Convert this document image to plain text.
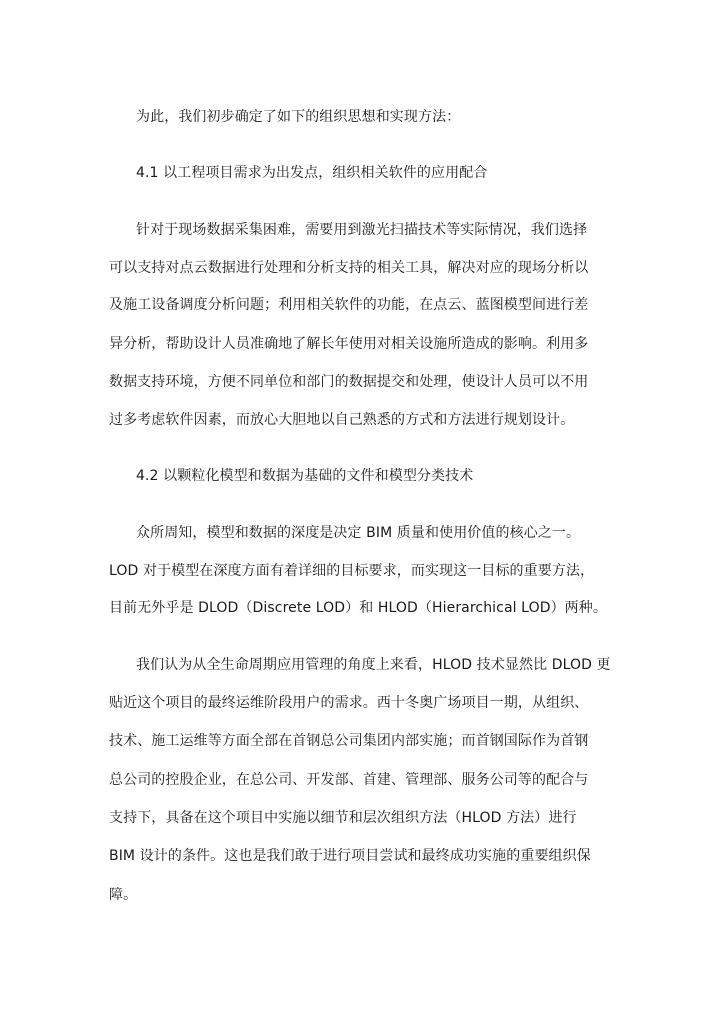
为此，我们初步确定了如下的组织思想和实现方法：
4.1 以工程项目需求为出发点，组织相关软件的应用配合
针对于现场数据采集困难，需要用到激光扫描技术等实际情况，我们选择
可以支持对点云数据进行处理和分析支持的相关工具，解决对应的现场分析以
及施工设备调度分析问题；利用相关软件的功能，在点云、蓝图模型间进行差
异分析，帮助设计人员准确地了解长年使用对相关设施所造成的影响。利用多
数据支持环境，方便不同单位和部门的数据提交和处理，使设计人员可以不用
过多考虑软件因素，而放心大胆地以自己熟悉的方式和方法进行规划设计。
4.2 以颗粒化模型和数据为基础的文件和模型分类技术
众所周知，模型和数据的深度是决定 BIM 质量和使用价值的核心之一。
LOD 对于模型在深度方面有着详细的目标要求，而实现这一目标的重要方法，
目前无外乎是 DLOD（Discrete LOD）和 HLOD（Hierarchical LOD）两种。
我们认为从全生命周期应用管理的角度上来看，HLOD 技术显然比 DLOD 更
贴近这个项目的最终运维阶段用户的需求。西十冬奥广场项目一期，从组织、
技术、施工运维等方面全部在首钢总公司集团内部实施；而首钢国际作为首钢
总公司的控股企业，在总公司、开发部、首建、管理部、服务公司等的配合与
支持下，具备在这个项目中实施以细节和层次组织方法（HLOD 方法）进行
BIM 设计的条件。这也是我们敢于进行项目尝试和最终成功实施的重要组织保
障。
